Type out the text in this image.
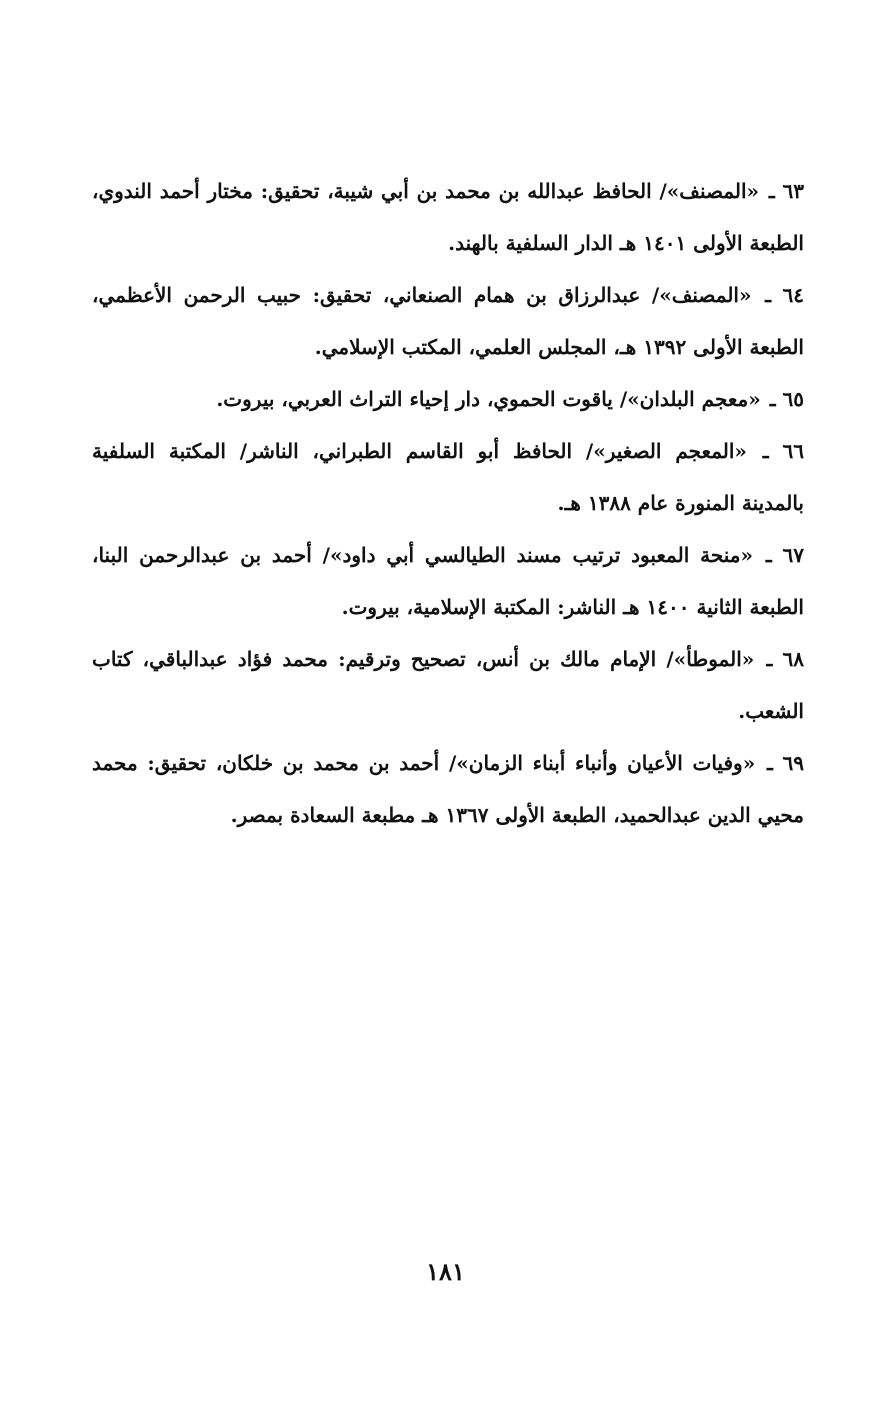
٦٣ ـ «المصنف»/ الحافظ عبدالله بن محمد بن أبي شيبة، تحقيق: مختار أحمد الندوي، الطبعة الأولى ١٤٠١ هـ الدار السلفية بالهند.

٦٤ ـ «المصنف»/ عبدالرزاق بن همام الصنعاني، تحقيق: حبيب الرحمن الأعظمي، الطبعة الأولى ١٣٩٢ هـ، المجلس العلمي، المكتب الإسلامي.

٦٥ ـ «معجم البلدان»/ ياقوت الحموي، دار إحياء التراث العربي، بيروت.

٦٦ ـ «المعجم الصغير»/ الحافظ أبو القاسم الطبراني، الناشر/ المكتبة السلفية بالمدينة المنورة عام ١٣٨٨ هـ.

٦٧ ـ «منحة المعبود ترتيب مسند الطيالسي أبي داود»/ أحمد بن عبدالرحمن البنا، الطبعة الثانية ١٤٠٠ هـ الناشر: المكتبة الإسلامية، بيروت.

٦٨ ـ «الموطأ»/ الإمام مالك بن أنس، تصحيح وترقيم: محمد فؤاد عبدالباقي، كتاب الشعب.

٦٩ ـ «وفيات الأعيان وأنباء أبناء الزمان»/ أحمد بن محمد بن خلكان، تحقيق: محمد محيي الدين عبدالحميد، الطبعة الأولى ١٣٦٧ هـ مطبعة السعادة بمصر.

١٨١
